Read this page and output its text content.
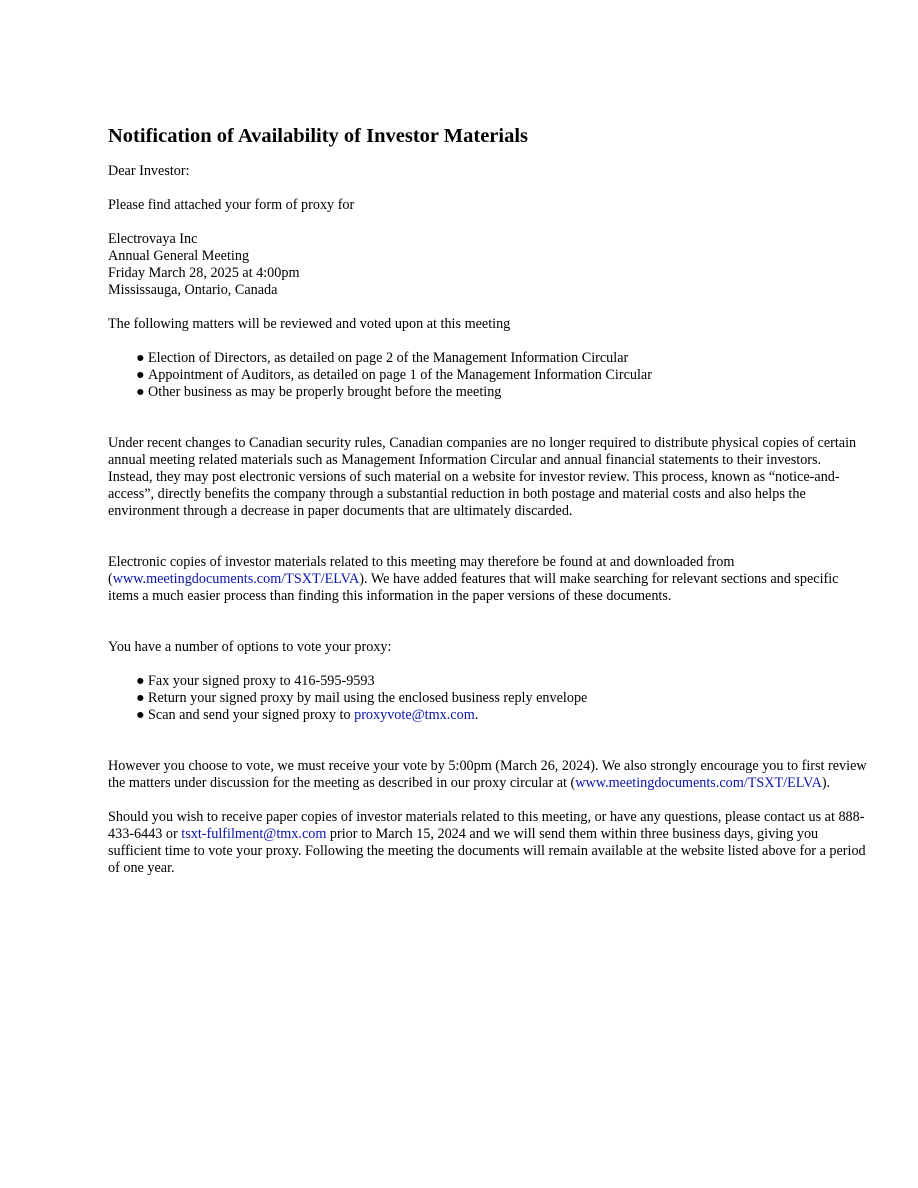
Notification of Availability of Investor Materials

Dear Investor:

Please find attached your form of proxy for

Electrovaya Inc
Annual General Meeting
Friday March 28, 2025 at 4:00pm
Mississauga, Ontario, Canada

The following matters will be reviewed and voted upon at this meeting

● Election of Directors, as detailed on page 2 of the Management Information Circular
● Appointment of Auditors, as detailed on page 1 of the Management Information Circular
● Other business as may be properly brought before the meeting

Under recent changes to Canadian security rules, Canadian companies are no longer required to distribute physical copies of certain annual meeting related materials such as Management Information Circular and annual financial statements to their investors. Instead, they may post electronic versions of such material on a website for investor review. This process, known as “notice-and-access”, directly benefits the company through a substantial reduction in both postage and material costs and also helps the environment through a decrease in paper documents that are ultimately discarded.

Electronic copies of investor materials related to this meeting may therefore be found at and downloaded from (www.meetingdocuments.com/TSXT/ELVA). We have added features that will make searching for relevant sections and specific items a much easier process than finding this information in the paper versions of these documents.

You have a number of options to vote your proxy:

● Fax your signed proxy to 416-595-9593
● Return your signed proxy by mail using the enclosed business reply envelope
● Scan and send your signed proxy to proxyvote@tmx.com.

However you choose to vote, we must receive your vote by 5:00pm (March 26, 2024). We also strongly encourage you to first review the matters under discussion for the meeting as described in our proxy circular at (www.meetingdocuments.com/TSXT/ELVA).

Should you wish to receive paper copies of investor materials related to this meeting, or have any questions, please contact us at 888-433-6443 or tsxt-fulfilment@tmx.com prior to March 15, 2024 and we will send them within three business days, giving you sufficient time to vote your proxy. Following the meeting the documents will remain available at the website listed above for a period of one year.
